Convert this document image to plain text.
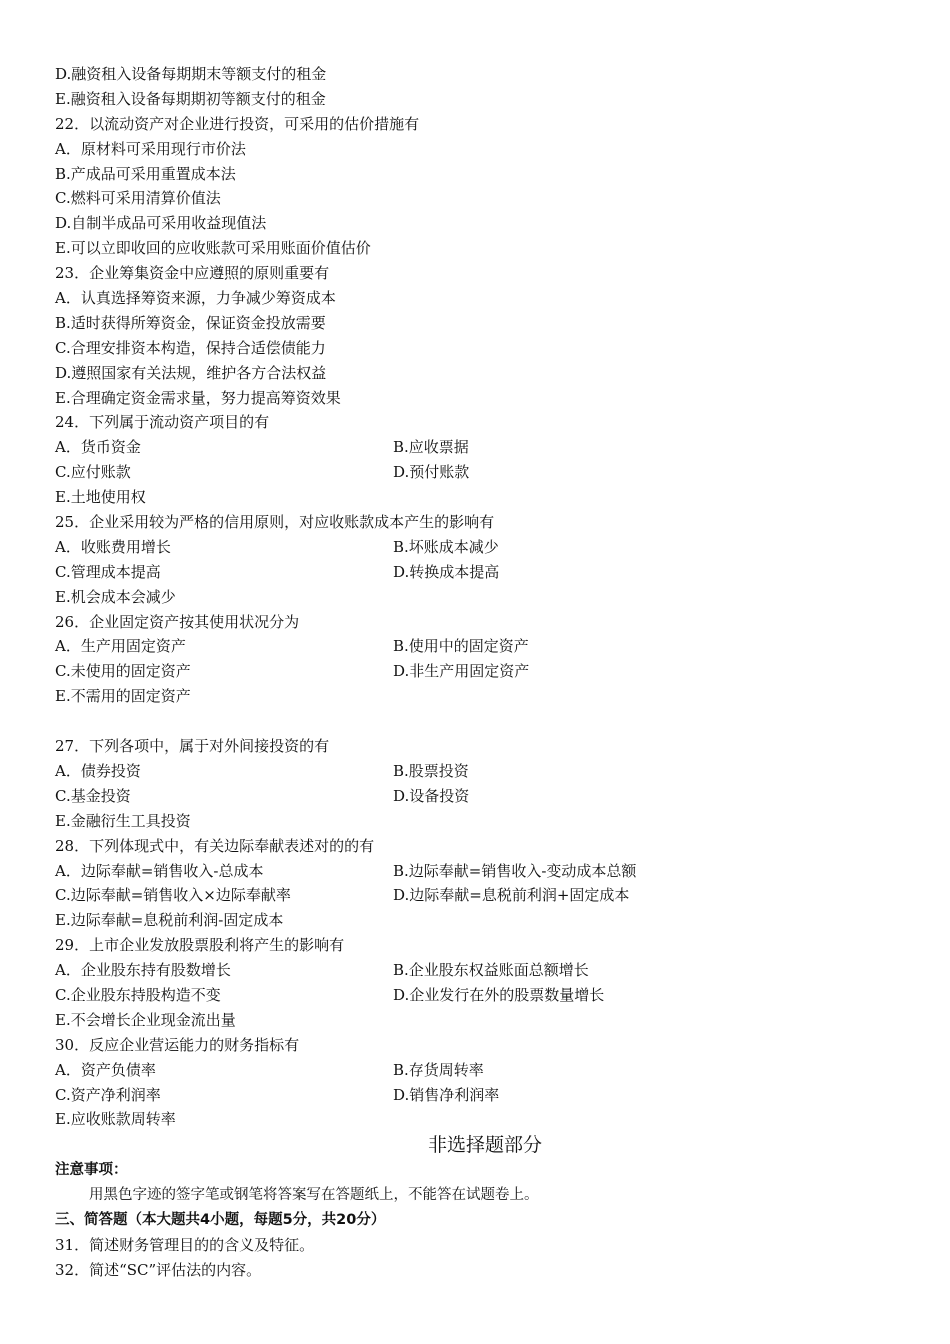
D.融资租入设备每期期末等额支付的租金
E.融资租入设备每期期初等额支付的租金
22．以流动资产对企业进行投资，可采用的估价措施有
A．原材料可采用现行市价法
B.产成品可采用重置成本法
C.燃料可采用清算价值法
D.自制半成品可采用收益现值法
E.可以立即收回的应收账款可采用账面价值估价
23．企业筹集资金中应遵照的原则重要有
A．认真选择筹资来源，力争减少筹资成本
B.适时获得所筹资金，保证资金投放需要
C.合理安排资本构造，保持合适偿债能力
D.遵照国家有关法规，维护各方合法权益
E.合理确定资金需求量，努力提高筹资效果
24．下列属于流动资产项目的有
A．货币资金	B.应收票据
C.应付账款	D.预付账款
E.土地使用权
25．企业采用较为严格的信用原则，对应收账款成本产生的影响有
A．收账费用增长	B.坏账成本减少
C.管理成本提高	D.转换成本提高
E.机会成本会减少
26．企业固定资产按其使用状况分为
A．生产用固定资产	B.使用中的固定资产
C.未使用的固定资产	D.非生产用固定资产
E.不需用的固定资产
27．下列各项中，属于对外间接投资的有
A．债券投资	B.股票投资
C.基金投资	D.设备投资
E.金融衍生工具投资
28．下列体现式中，有关边际奉献表述对的的有
A．边际奉献=销售收入-总成本	B.边际奉献=销售收入-变动成本总额
C.边际奉献=销售收入×边际奉献率	D.边际奉献=息税前利润+固定成本
E.边际奉献=息税前利润-固定成本
29．上市企业发放股票股利将产生的影响有
A．企业股东持有股数增长	B.企业股东权益账面总额增长
C.企业股东持股构造不变	D.企业发行在外的股票数量增长
E.不会增长企业现金流出量
30．反应企业营运能力的财务指标有
A．资产负债率	B.存货周转率
C.资产净利润率	D.销售净利润率
E.应收账款周转率
非选择题部分
注意事项：
用黑色字迹的签字笔或钢笔将答案写在答题纸上，不能答在试题卷上。
三、简答题（本大题共4小题，每题5分，共20分）
31．简述财务管理目的的含义及特征。
32．简述“SC”评估法的内容。
